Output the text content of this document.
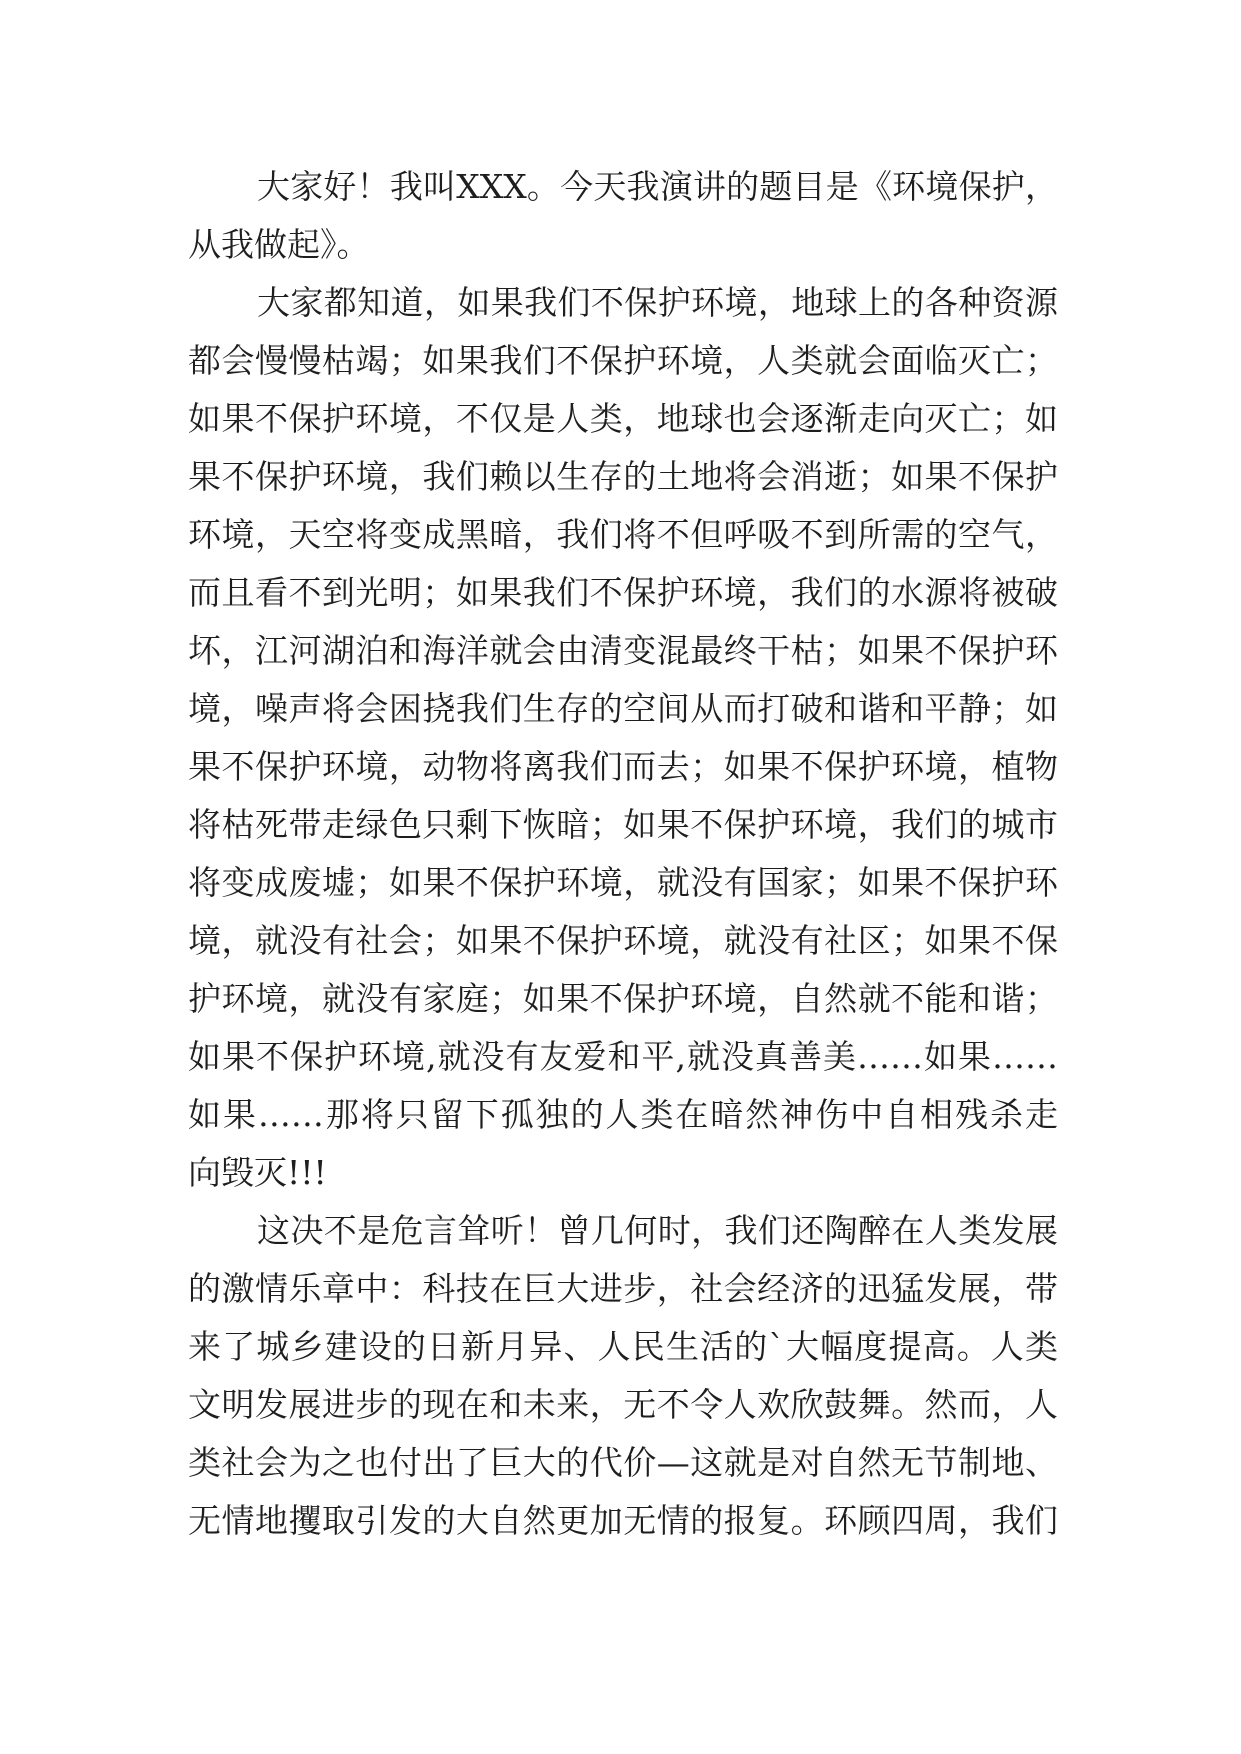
大家好！我叫XXX。今天我演讲的题目是《环境保护，
从我做起》。
大家都知道，如果我们不保护环境，地球上的各种资源
都会慢慢枯竭；如果我们不保护环境，人类就会面临灭亡；
如果不保护环境，不仅是人类，地球也会逐渐走向灭亡；如
果不保护环境，我们赖以生存的土地将会消逝；如果不保护
环境，天空将变成黑暗，我们将不但呼吸不到所需的空气，
而且看不到光明；如果我们不保护环境，我们的水源将被破
坏，江河湖泊和海洋就会由清变混最终干枯；如果不保护环
境，噪声将会困挠我们生存的空间从而打破和谐和平静；如
果不保护环境，动物将离我们而去；如果不保护环境，植物
将枯死带走绿色只剩下恢暗；如果不保护环境，我们的城市
将变成废墟；如果不保护环境，就没有国家；如果不保护环
境，就没有社会；如果不保护环境，就没有社区；如果不保
护环境，就没有家庭；如果不保护环境，自然就不能和谐；
如果不保护环境,就没有友爱和平,就没真善美……如果……
如果……那将只留下孤独的人类在暗然神伤中自相残杀走
向毁灭!!!
这决不是危言耸听！曾几何时，我们还陶醉在人类发展
的激情乐章中：科技在巨大进步，社会经济的迅猛发展，带
来了城乡建设的日新月异、人民生活的`大幅度提高。人类
文明发展进步的现在和未来，无不令人欢欣鼓舞。然而，人
类社会为之也付出了巨大的代价—这就是对自然无节制地、
无情地攫取引发的大自然更加无情的报复。环顾四周，我们
